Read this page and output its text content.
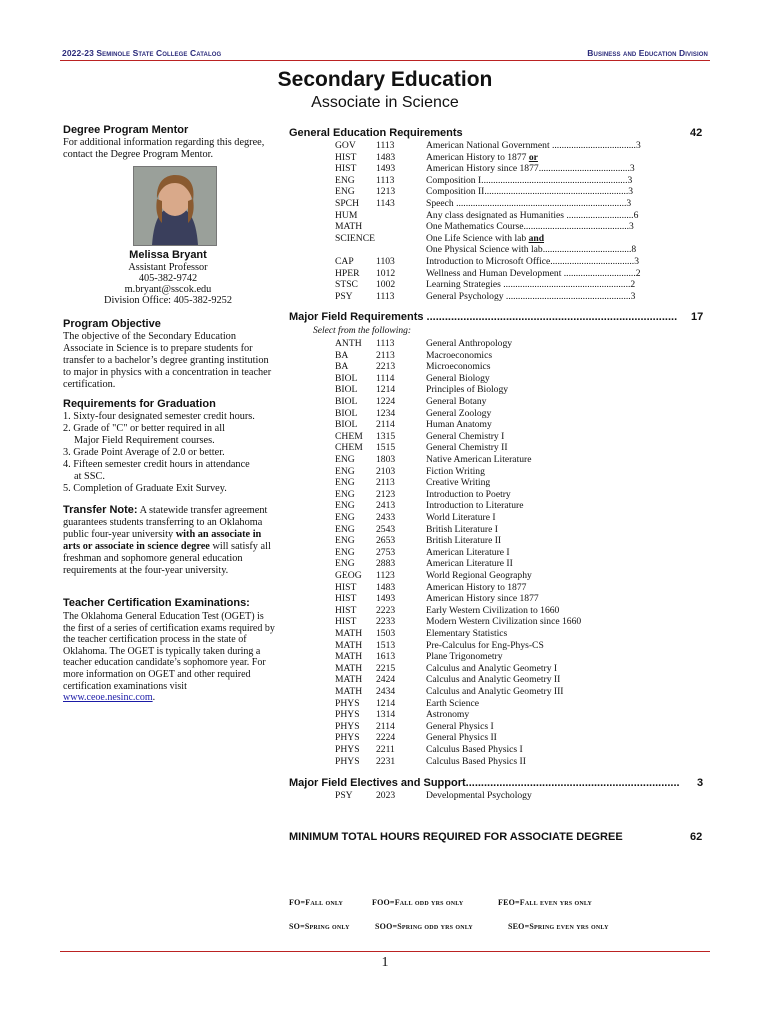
2022-23 Seminole State College Catalog	Business and Education Division
Secondary Education
Associate in Science
Degree Program Mentor
For additional information regarding this degree, contact the Degree Program Mentor.
Melissa Bryant
Assistant Professor
405-382-9742
m.bryant@sscok.edu
Division Office: 405-382-9252
Program Objective
The objective of the Secondary Education Associate in Science is to prepare students for transfer to a bachelor’s degree granting institution to major in physics with a concentration in teacher certification.
Requirements for Graduation
1. Sixty-four designated semester credit hours.
2. Grade of "C" or better required in all
Major Field Requirement courses.
3. Grade Point Average of 2.0 or better.
4. Fifteen semester credit hours in attendance
at SSC.
5. Completion of Graduate Exit Survey.
Transfer Note: A statewide transfer agreement guarantees students transferring to an Oklahoma public four-year university with an associate in arts or associate in science degree will satisfy all freshman and sophomore general education requirements at the four-year university.
Teacher Certification Examinations:
The Oklahoma General Education Test (OGET) is the first of a series of certification exams required by the teacher certification process in the state of Oklahoma. The OGET is typically taken during a teacher education candidate’s sophomore year. For more information on OGET and other required certification examinations visit www.ceoe.nesinc.com.
General Education Requirements	42
GOV 1113	American National Government ...................................3
HIST 1483	American History to 1877 or
HIST 1493	American History since 1877......................................3
ENG 1113	Composition I.............................................................3
ENG 1213	Composition II............................................................3
SPCH 1143	Speech .......................................................................3
HUM	Any class designated as Humanities ............................6
MATH	One Mathematics Course............................................3
SCIENCE	One Life Science with lab and
One Physical Science with lab.....................................8
CAP 1103	Introduction to Microsoft Office...................................3
HPER 1012	Wellness and Human Development ..............................2
STSC 1002	Learning Strategies .....................................................2
PSY 1113	General Psychology ....................................................3
Major Field Requirements ..................................................................................	17
Select from the following:
ANTH 1113	General Anthropology
BA	2113	Macroeconomics
BA	2213	Microeconomics
BIOL 1114	General Biology
BIOL 1214	Principles of Biology
BIOL 1224	General Botany
BIOL 1234	General Zoology
BIOL 2114	Human Anatomy
CHEM 1315	General Chemistry I
CHEM 1515	General Chemistry II
ENG 1803	Native American Literature
ENG 2103	Fiction Writing
ENG 2113	Creative Writing
ENG 2123	Introduction to Poetry
ENG 2413	Introduction to Literature
ENG 2433	World Literature I
ENG 2543	British Literature I
ENG 2653	British Literature II
ENG 2753	American Literature I
ENG 2883	American Literature II
GEOG 1123	World Regional Geography
HIST 1483	American History to 1877
HIST 1493	American History since 1877
HIST 2223	Early Western Civilization to 1660
HIST 2233	Modern Western Civilization since 1660
MATH 1503	Elementary Statistics
MATH 1513	Pre-Calculus for Eng-Phys-CS
MATH 1613	Plane Trigonometry
MATH 2215	Calculus and Analytic Geometry I
MATH 2424	Calculus and Analytic Geometry II
MATH 2434	Calculus and Analytic Geometry III
PHYS 1214	Earth Science
PHYS 1314	Astronomy
PHYS 2114	General Physics I
PHYS 2224	General Physics II
PHYS 2211	Calculus Based Physics I
PHYS 2231	Calculus Based Physics II
Major Field Electives and Support......................................................................	3
PSY 2023	Developmental Psychology
MINIMUM TOTAL HOURS REQUIRED FOR ASSOCIATE DEGREE	62
FO=Fall only	FOO=Fall odd yrs only	FEO=Fall even yrs only
SO=Spring only	SOO=Spring odd yrs only	SEO=Spring even yrs only
1
